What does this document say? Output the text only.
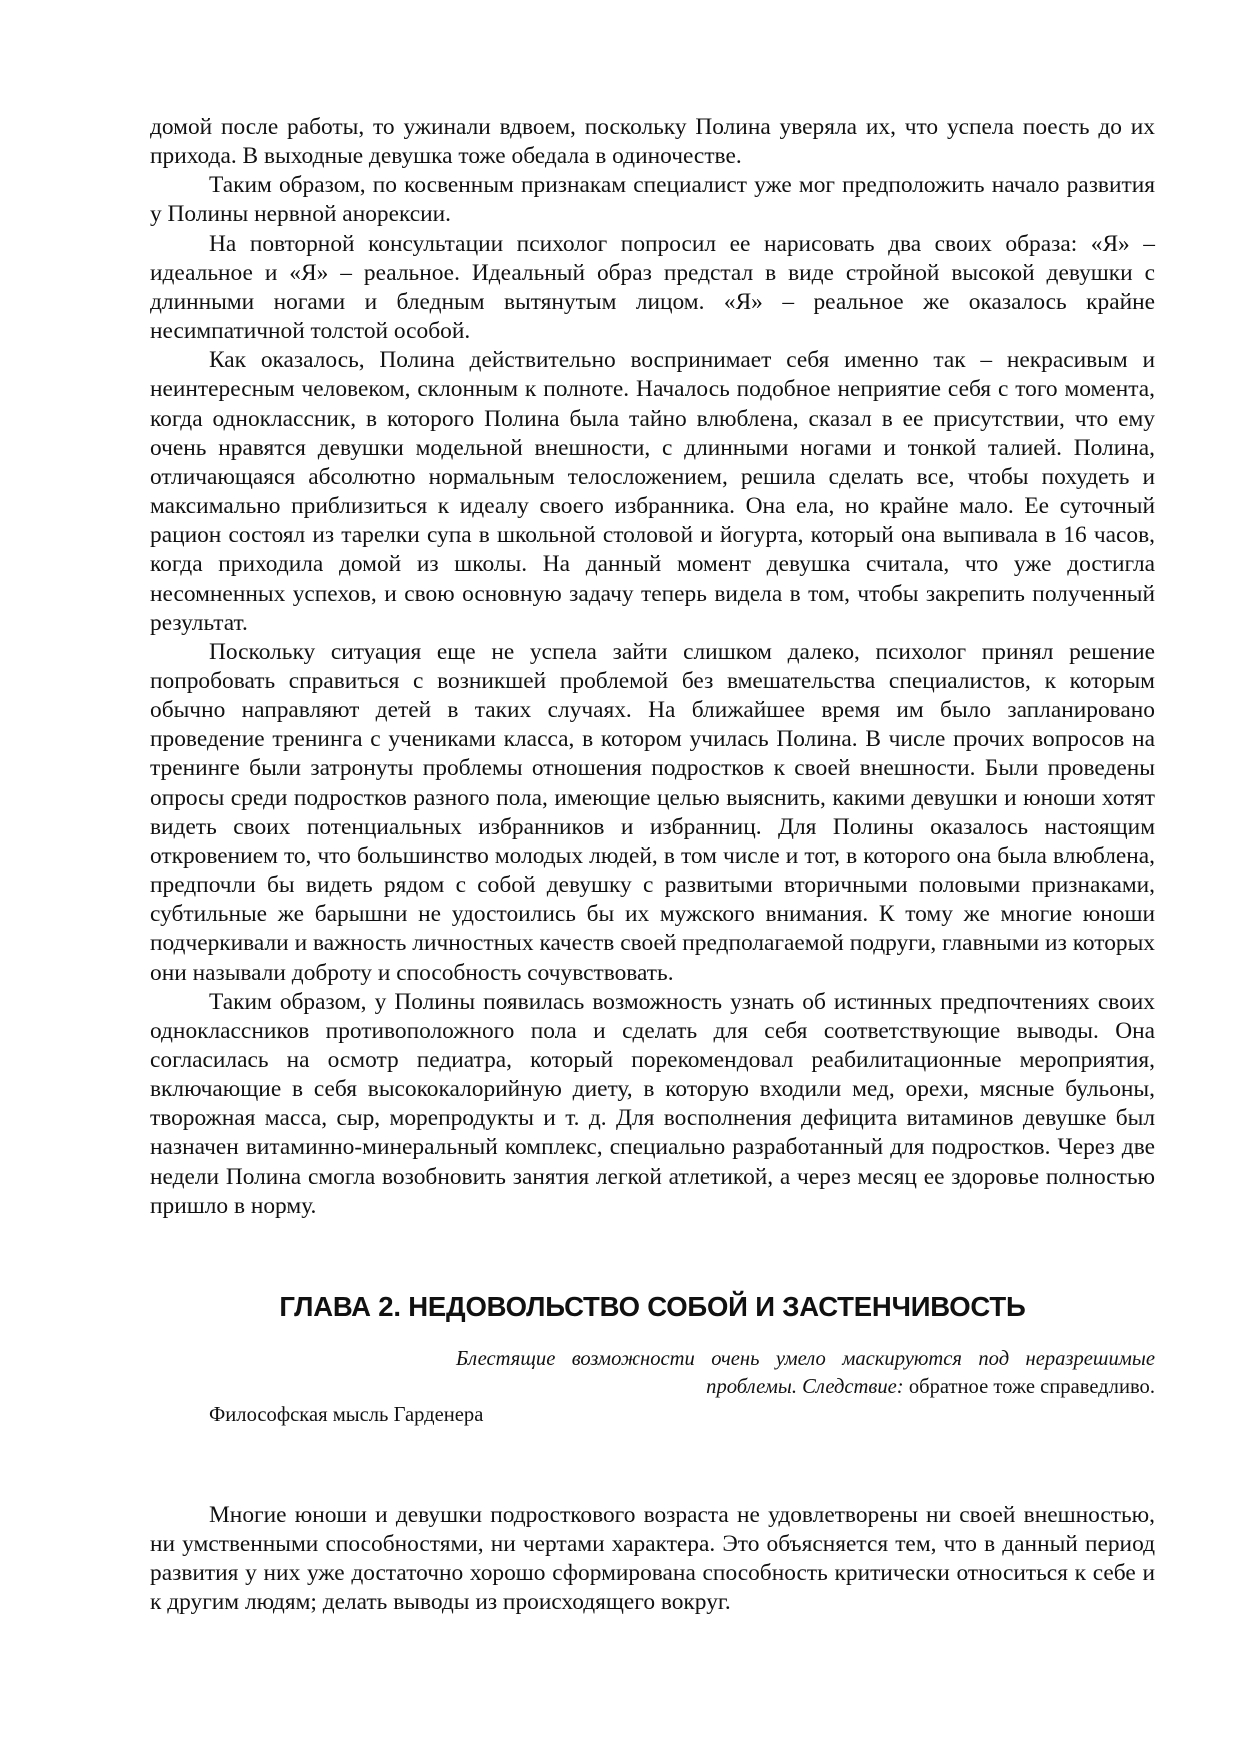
домой после работы, то ужинали вдвоем, поскольку Полина уверяла их, что успела поесть до их прихода. В выходные девушка тоже обедала в одиночестве.

Таким образом, по косвенным признакам специалист уже мог предположить начало развития у Полины нервной анорексии.

На повторной консультации психолог попросил ее нарисовать два своих образа: «Я» – идеальное и «Я» – реальное. Идеальный образ предстал в виде стройной высокой девушки с длинными ногами и бледным вытянутым лицом. «Я» – реальное же оказалось крайне несимпатичной толстой особой.

Как оказалось, Полина действительно воспринимает себя именно так – некрасивым и неинтересным человеком, склонным к полноте. Началось подобное неприятие себя с того момента, когда одноклассник, в которого Полина была тайно влюблена, сказал в ее присутствии, что ему очень нравятся девушки модельной внешности, с длинными ногами и тонкой талией. Полина, отличающаяся абсолютно нормальным телосложением, решила сделать все, чтобы похудеть и максимально приблизиться к идеалу своего избранника. Она ела, но крайне мало. Ее суточный рацион состоял из тарелки супа в школьной столовой и йогурта, который она выпивала в 16 часов, когда приходила домой из школы. На данный момент девушка считала, что уже достигла несомненных успехов, и свою основную задачу теперь видела в том, чтобы закрепить полученный результат.

Поскольку ситуация еще не успела зайти слишком далеко, психолог принял решение попробовать справиться с возникшей проблемой без вмешательства специалистов, к которым обычно направляют детей в таких случаях. На ближайшее время им было запланировано проведение тренинга с учениками класса, в котором училась Полина. В числе прочих вопросов на тренинге были затронуты проблемы отношения подростков к своей внешности. Были проведены опросы среди подростков разного пола, имеющие целью выяснить, какими девушки и юноши хотят видеть своих потенциальных избранников и избранниц. Для Полины оказалось настоящим откровением то, что большинство молодых людей, в том числе и тот, в которого она была влюблена, предпочли бы видеть рядом с собой девушку с развитыми вторичными половыми признаками, субтильные же барышни не удостоились бы их мужского внимания. К тому же многие юноши подчеркивали и важность личностных качеств своей предполагаемой подруги, главными из которых они называли доброту и способность сочувствовать.

Таким образом, у Полины появилась возможность узнать об истинных предпочтениях своих одноклассников противоположного пола и сделать для себя соответствующие выводы. Она согласилась на осмотр педиатра, который порекомендовал реабилитационные мероприятия, включающие в себя высококалорийную диету, в которую входили мед, орехи, мясные бульоны, творожная масса, сыр, морепродукты и т. д. Для восполнения дефицита витаминов девушке был назначен витаминно-минеральный комплекс, специально разработанный для подростков. Через две недели Полина смогла возобновить занятия легкой атлетикой, а через месяц ее здоровье полностью пришло в норму.

ГЛАВА 2. НЕДОВОЛЬСТВО СОБОЙ И ЗАСТЕНЧИВОСТЬ

Блестящие возможности очень умело маскируются под неразрешимые проблемы. Следствие: обратное тоже справедливо.

Философская мысль Гарденера

Многие юноши и девушки подросткового возраста не удовлетворены ни своей внешностью, ни умственными способностями, ни чертами характера. Это объясняется тем, что в данный период развития у них уже достаточно хорошо сформирована способность критически относиться к себе и к другим людям; делать выводы из происходящего вокруг.
